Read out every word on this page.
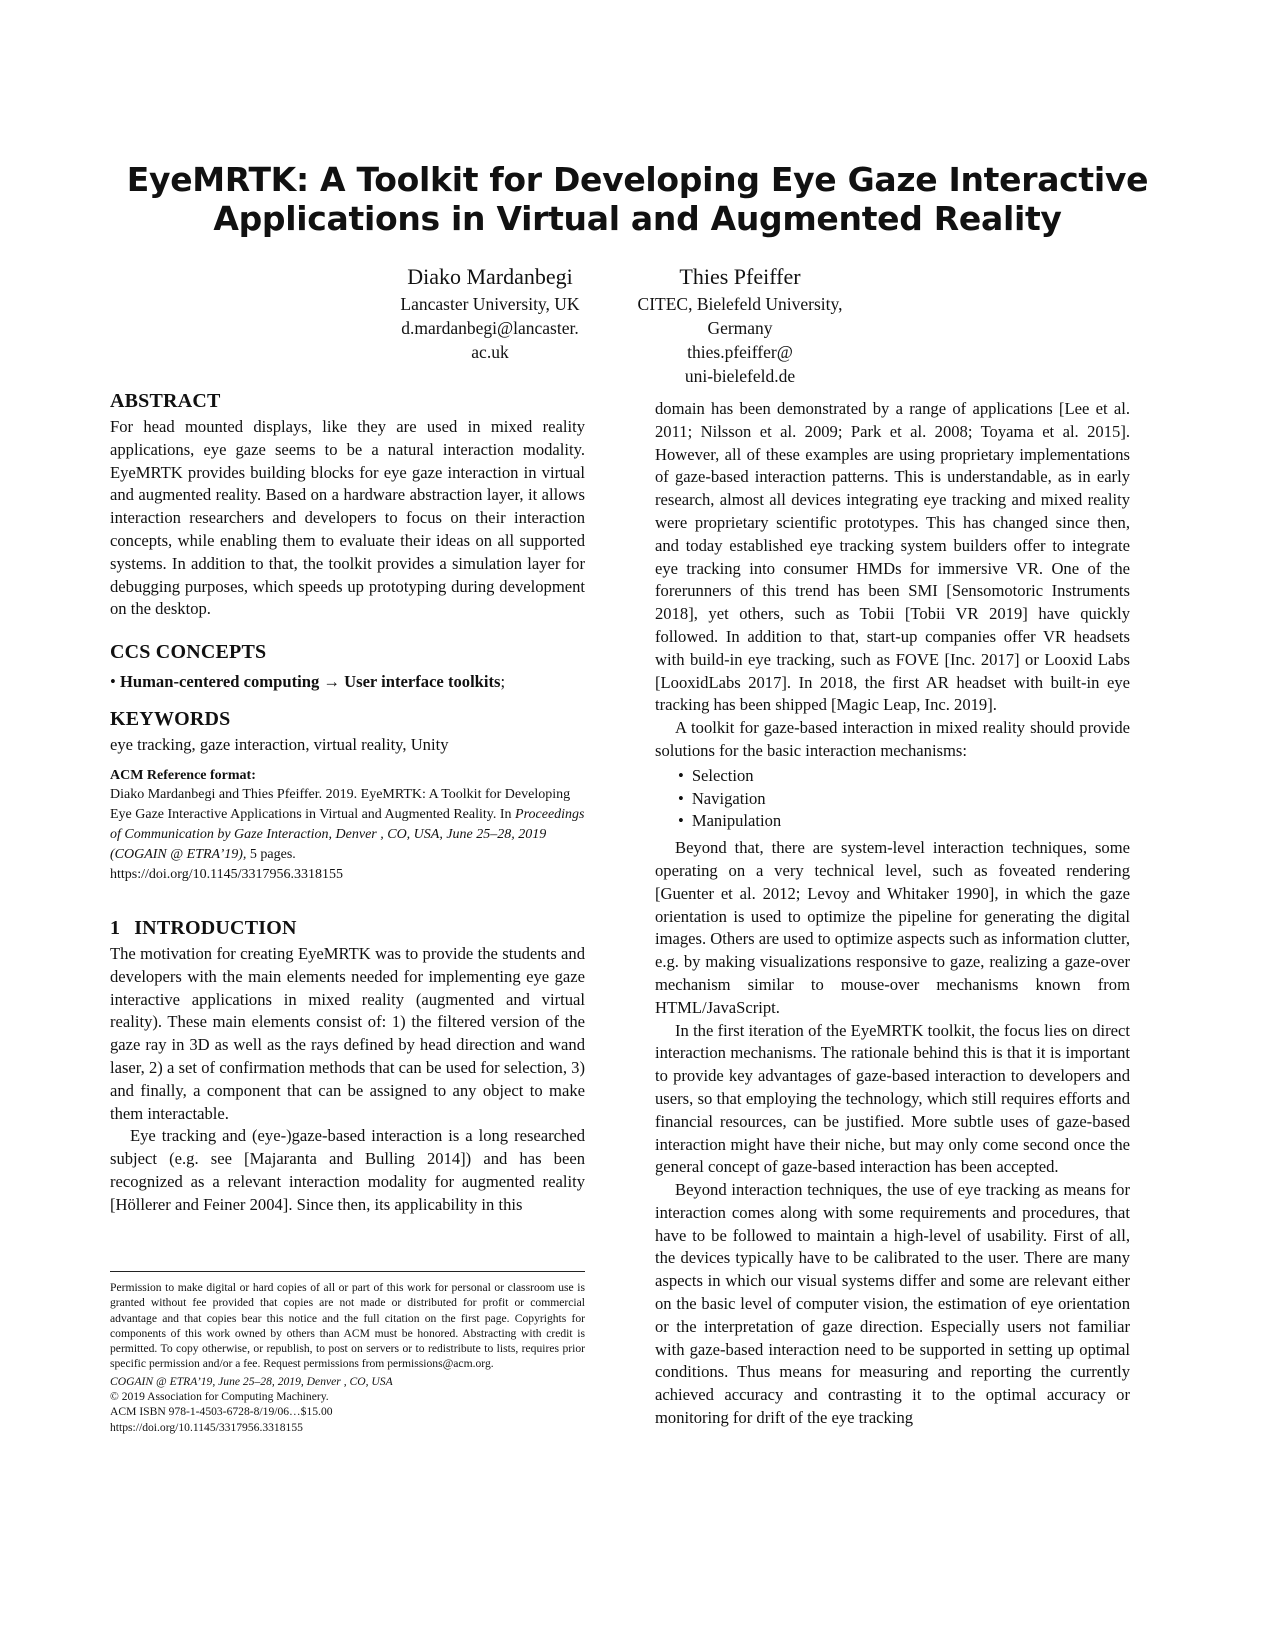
EyeMRTK: A Toolkit for Developing Eye Gaze Interactive
Applications in Virtual and Augmented Reality
Diako Mardanbegi
Lancaster University, UK
d.mardanbegi@lancaster.
ac.uk
Thies Pfeiffer
CITEC, Bielefeld University,
Germany
thies.pfeiffer@
uni-bielefeld.de
ABSTRACT

For head mounted displays, like they are used in mixed reality applications, eye gaze seems to be a natural interaction modality. EyeMRTK provides building blocks for eye gaze interaction in virtual and augmented reality. Based on a hardware abstraction layer, it allows interaction researchers and developers to focus on their interaction concepts, while enabling them to evaluate their ideas on all supported systems. In addition to that, the toolkit provides a simulation layer for debugging purposes, which speeds up prototyping during development on the desktop.

CCS CONCEPTS
• Human-centered computing → User interface toolkits;
KEYWORDS

eye tracking, gaze interaction, virtual reality, Unity

ACM Reference format:
Diako Mardanbegi and Thies Pfeiffer. 2019. EyeMRTK: A Toolkit for Developing Eye Gaze Interactive Applications in Virtual and Augmented Reality. In Proceedings of Communication by Gaze Interaction, Denver , CO, USA, June 25–28, 2019 (COGAIN @ ETRA’19), 5 pages.
https://doi.org/10.1145/3317956.3318155
1 INTRODUCTION

The motivation for creating EyeMRTK was to provide the students and developers with the main elements needed for implementing eye gaze interactive applications in mixed reality (augmented and virtual reality). These main elements consist of: 1) the filtered version of the gaze ray in 3D as well as the rays defined by head direction and wand laser, 2) a set of confirmation methods that can be used for selection, 3) and finally, a component that can be assigned to any object to make them interactable.

Eye tracking and (eye-)gaze-based interaction is a long researched subject (e.g. see [Majaranta and Bulling 2014]) and has been recognized as a relevant interaction modality for augmented reality [Höllerer and Feiner 2004]. Since then, its applicability in this

domain has been demonstrated by a range of applications [Lee et al. 2011; Nilsson et al. 2009; Park et al. 2008; Toyama et al. 2015]. However, all of these examples are using proprietary implementations of gaze-based interaction patterns. This is understandable, as in early research, almost all devices integrating eye tracking and mixed reality were proprietary scientific prototypes. This has changed since then, and today established eye tracking system builders offer to integrate eye tracking into consumer HMDs for immersive VR. One of the forerunners of this trend has been SMI [Sensomotoric Instruments 2018], yet others, such as Tobii [Tobii VR 2019] have quickly followed. In addition to that, start-up companies offer VR headsets with build-in eye tracking, such as FOVE [Inc. 2017] or Looxid Labs [LooxidLabs 2017]. In 2018, the first AR headset with built-in eye tracking has been shipped [Magic Leap, Inc. 2019].

A toolkit for gaze-based interaction in mixed reality should provide solutions for the basic interaction mechanisms:

• Selection
• Navigation
• Manipulation

Beyond that, there are system-level interaction techniques, some operating on a very technical level, such as foveated rendering [Guenter et al. 2012; Levoy and Whitaker 1990], in which the gaze orientation is used to optimize the pipeline for generating the digital images. Others are used to optimize aspects such as information clutter, e.g. by making visualizations responsive to gaze, realizing a gaze-over mechanism similar to mouse-over mechanisms known from HTML/JavaScript.

In the first iteration of the EyeMRTK toolkit, the focus lies on direct interaction mechanisms. The rationale behind this is that it is important to provide key advantages of gaze-based interaction to developers and users, so that employing the technology, which still requires efforts and financial resources, can be justified. More subtle uses of gaze-based interaction might have their niche, but may only come second once the general concept of gaze-based interaction has been accepted.

Beyond interaction techniques, the use of eye tracking as means for interaction comes along with some requirements and procedures, that have to be followed to maintain a high-level of usability. First of all, the devices typically have to be calibrated to the user. There are many aspects in which our visual systems differ and some are relevant either on the basic level of computer vision, the estimation of eye orientation or the interpretation of gaze direction. Especially users not familiar with gaze-based interaction need to be supported in setting up optimal conditions. Thus means for measuring and reporting the currently achieved accuracy and contrasting it to the optimal accuracy or monitoring for drift of the eye tracking

Permission to make digital or hard copies of all or part of this work for personal or classroom use is granted without fee provided that copies are not made or distributed for profit or commercial advantage and that copies bear this notice and the full citation on the first page. Copyrights for components of this work owned by others than ACM must be honored. Abstracting with credit is permitted. To copy otherwise, or republish, to post on servers or to redistribute to lists, requires prior specific permission and/or a fee. Request permissions from permissions@acm.org.
COGAIN @ ETRA’19, June 25–28, 2019, Denver , CO, USA
© 2019 Association for Computing Machinery.
ACM ISBN 978-1-4503-6728-8/19/06…$15.00
https://doi.org/10.1145/3317956.3318155
